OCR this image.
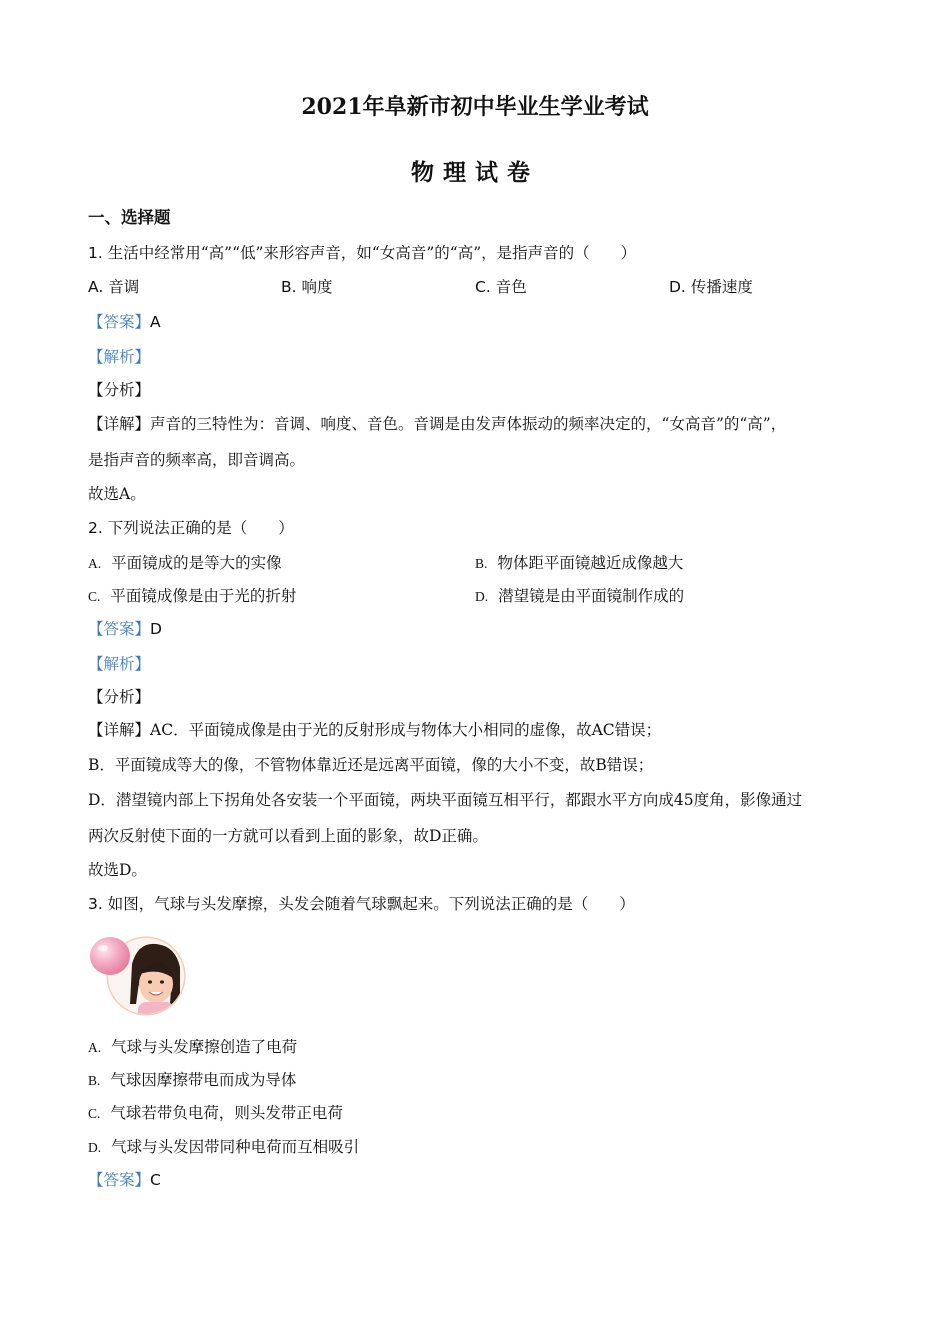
2021年阜新市初中毕业生学业考试
物理试卷
一、选择题
1. 生活中经常用“高”“低”来形容声音，如“女高音”的“高”，是指声音的（　　）
A. 音调	B. 响度	C. 音色	D. 传播速度
【答案】A
【解析】
【分析】
【详解】声音的三特性为：音调、响度、音色。音调是由发声体振动的频率决定的，“女高音”的“高”，
是指声音的频率高，即音调高。
故选A。
2. 下列说法正确的是（　　）
A. 平面镜成的是等大的实像	B. 物体距平面镜越近成像越大
C. 平面镜成像是由于光的折射	D. 潜望镜是由平面镜制作成的
【答案】D
【解析】
【分析】
【详解】AC．平面镜成像是由于光的反射形成与物体大小相同的虚像，故AC错误；
B．平面镜成等大的像，不管物体靠近还是远离平面镜，像的大小不变，故B错误；
D．潜望镜内部上下拐角处各安装一个平面镜，两块平面镜互相平行，都跟水平方向成45度角，影像通过
两次反射使下面的一方就可以看到上面的影象，故D正确。
故选D。
3. 如图，气球与头发摩擦，头发会随着气球飘起来。下列说法正确的是（　　）
A. 气球与头发摩擦创造了电荷
B. 气球因摩擦带电而成为导体
C. 气球若带负电荷，则头发带正电荷
D. 气球与头发因带同种电荷而互相吸引
【答案】C
